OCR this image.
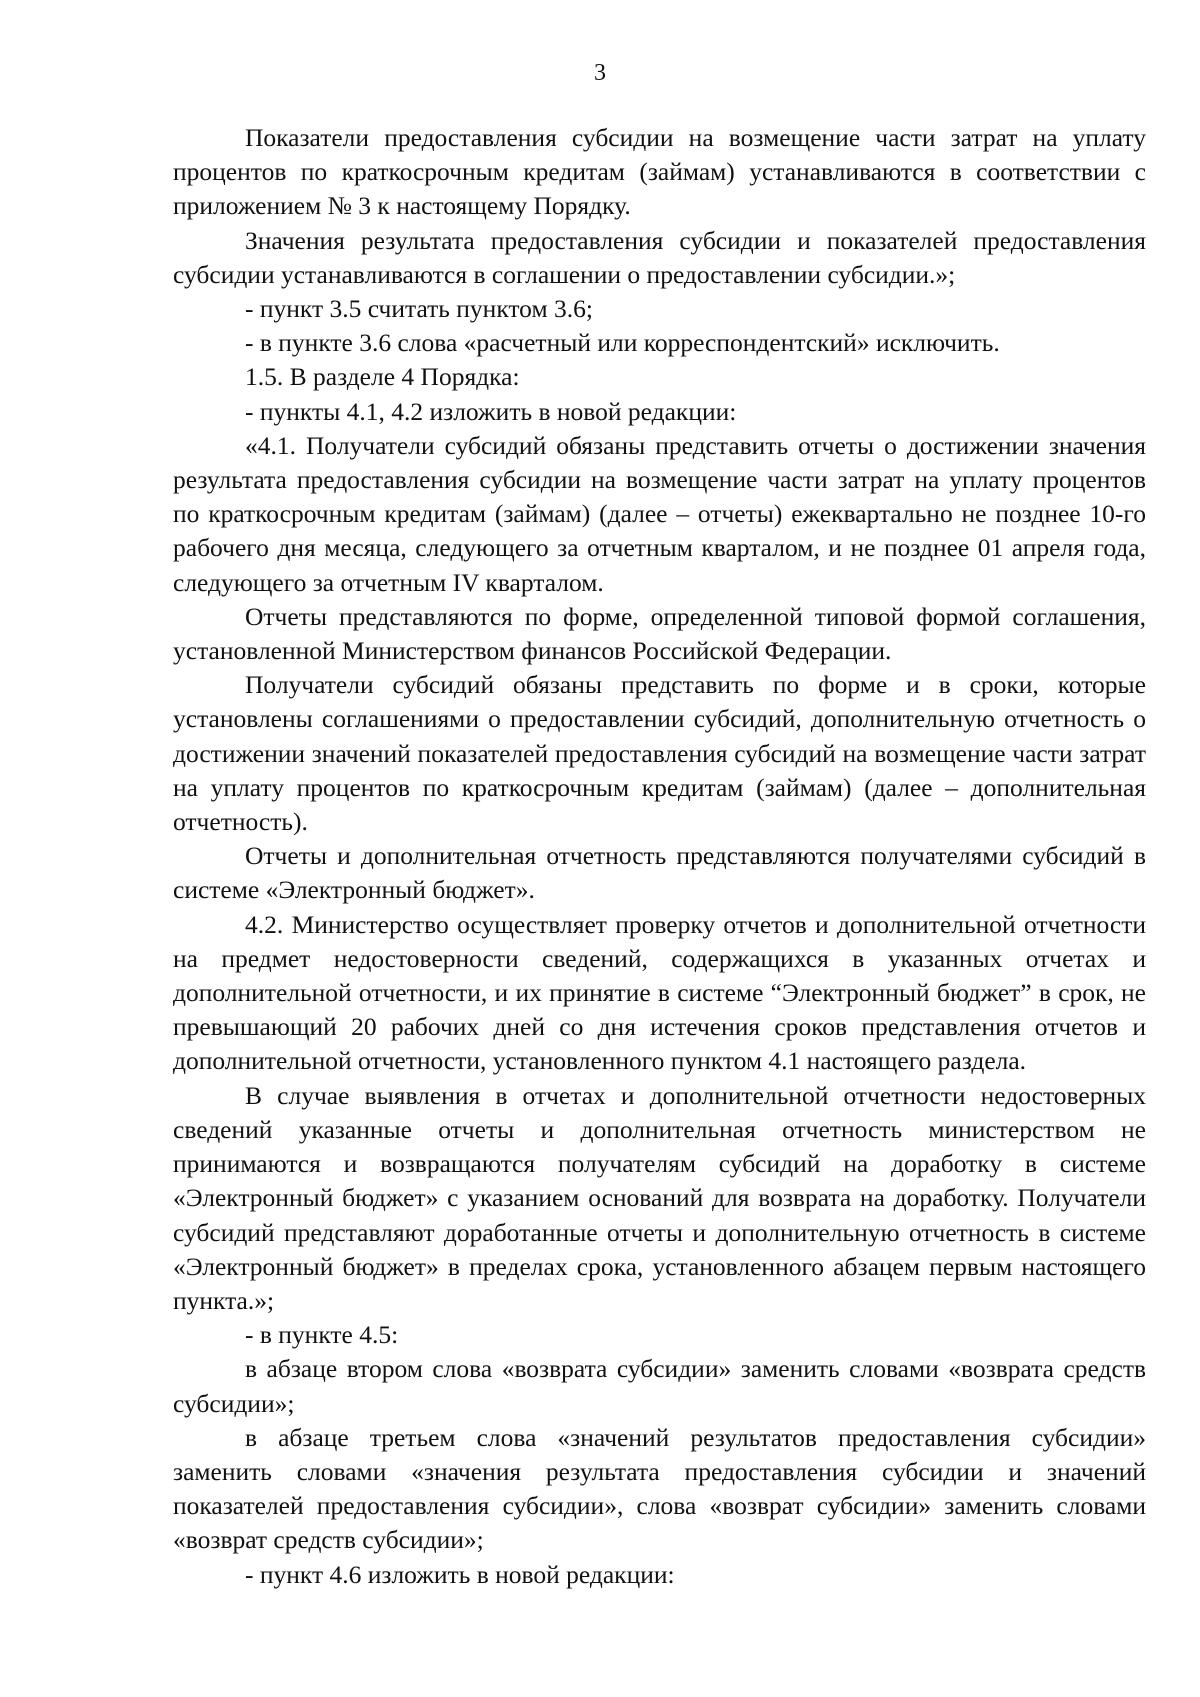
3

Показатели предоставления субсидии на возмещение части затрат на уплату процентов по краткосрочным кредитам (займам) устанавливаются в соответствии с приложением № 3 к настоящему Порядку.

Значения результата предоставления субсидии и показателей предоставления субсидии устанавливаются в соглашении о предоставлении субсидии.»;

- пункт 3.5 считать пунктом 3.6;

- в пункте 3.6 слова «расчетный или корреспондентский» исключить.

1.5. В разделе 4 Порядка:

- пункты 4.1, 4.2 изложить в новой редакции:

«4.1. Получатели субсидий обязаны представить отчеты о достижении значения результата предоставления субсидии на возмещение части затрат на уплату процентов по краткосрочным кредитам (займам) (далее – отчеты) ежеквартально не позднее 10-го рабочего дня месяца, следующего за отчетным кварталом, и не позднее 01 апреля года, следующего за отчетным IV кварталом.

Отчеты представляются по форме, определенной типовой формой соглашения, установленной Министерством финансов Российской Федерации.

Получатели субсидий обязаны представить по форме и в сроки, которые установлены соглашениями о предоставлении субсидий, дополнительную отчетность о достижении значений показателей предоставления субсидий на возмещение части затрат на уплату процентов по краткосрочным кредитам (займам) (далее – дополнительная отчетность).

Отчеты и дополнительная отчетность представляются получателями субсидий в системе «Электронный бюджет».

4.2. Министерство осуществляет проверку отчетов и дополнительной отчетности на предмет недостоверности сведений, содержащихся в указанных отчетах и дополнительной отчетности, и их принятие в системе “Электронный бюджет” в срок, не превышающий 20 рабочих дней со дня истечения сроков представления отчетов и дополнительной отчетности, установленного пунктом 4.1 настоящего раздела.

В случае выявления в отчетах и дополнительной отчетности недостоверных сведений указанные отчеты и дополнительная отчетность министерством не принимаются и возвращаются получателям субсидий на доработку в системе «Электронный бюджет» с указанием оснований для возврата на доработку. Получатели субсидий представляют доработанные отчеты и дополнительную отчетность в системе «Электронный бюджет» в пределах срока, установленного абзацем первым настоящего пункта.»;

- в пункте 4.5:

в абзаце втором слова «возврата субсидии» заменить словами «возврата средств субсидии»;

в абзаце третьем слова «значений результатов предоставления субсидии» заменить словами «значения результата предоставления субсидии и значений показателей предоставления субсидии», слова «возврат субсидии» заменить словами «возврат средств субсидии»;

- пункт 4.6 изложить в новой редакции:
